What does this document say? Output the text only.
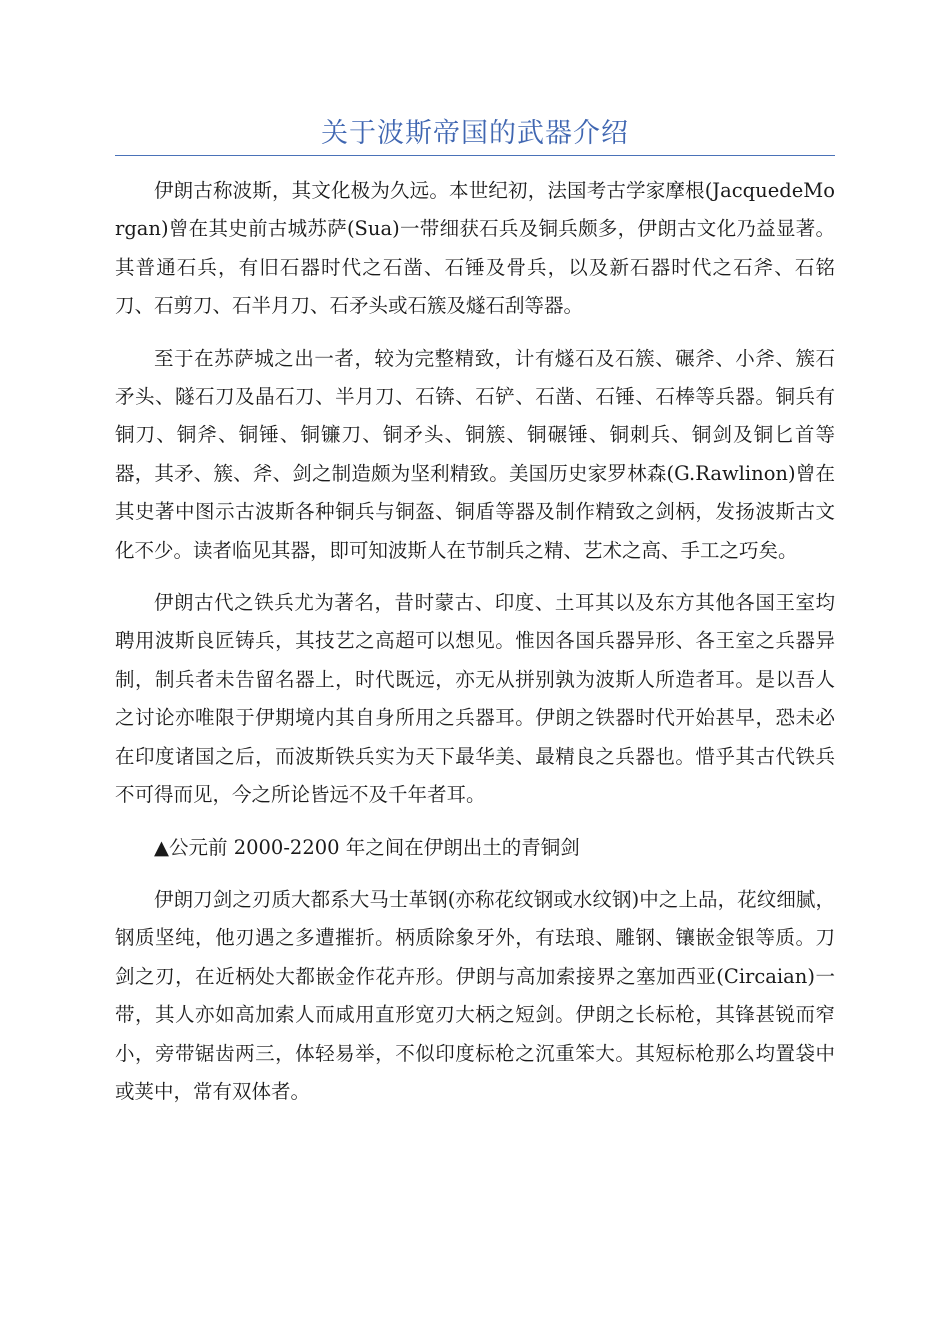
关于波斯帝国的武器介绍

伊朗古称波斯，其文化极为久远。本世纪初，法国考古学家摩根(JacquedeMorgan)曾在其史前古城苏萨(Sua)一带细获石兵及铜兵颇多，伊朗古文化乃益显著。其普通石兵，有旧石器时代之石凿、石锤及骨兵，以及新石器时代之石斧、石铭刀、石剪刀、石半月刀、石矛头或石簇及燧石刮等器。

至于在苏萨城之出一者，较为完整精致，计有燧石及石簇、碾斧、小斧、簇石矛头、隧石刀及晶石刀、半月刀、石锛、石铲、石凿、石锤、石棒等兵器。铜兵有铜刀、铜斧、铜锤、铜镰刀、铜矛头、铜簇、铜碾锤、铜刺兵、铜剑及铜匕首等器，其矛、簇、斧、剑之制造颇为坚利精致。美国历史家罗林森(G.Rawlinon)曾在其史著中图示古波斯各种铜兵与铜盔、铜盾等器及制作精致之剑柄，发扬波斯古文化不少。读者临见其器，即可知波斯人在节制兵之精、艺术之高、手工之巧矣。

伊朗古代之铁兵尤为著名，昔时蒙古、印度、土耳其以及东方其他各国王室均聘用波斯良匠铸兵，其技艺之高超可以想见。惟因各国兵器异形、各王室之兵器异制，制兵者未告留名器上，时代既远，亦无从拼别孰为波斯人所造者耳。是以吾人之讨论亦唯限于伊期境内其自身所用之兵器耳。伊朗之铁器时代开始甚早，恐未必在印度诸国之后，而波斯铁兵实为天下最华美、最精良之兵器也。惜乎其古代铁兵不可得而见，今之所论皆远不及千年者耳。

▲公元前 2000-2200 年之间在伊朗出土的青铜剑

伊朗刀剑之刃质大都系大马士革钢(亦称花纹钢或水纹钢)中之上品，花纹细腻，钢质坚纯，他刃遇之多遭摧折。柄质除象牙外，有珐琅、雕钢、镶嵌金银等质。刀剑之刃，在近柄处大都嵌金作花卉形。伊朗与高加索接界之塞加西亚(Circaian)一带，其人亦如高加索人而咸用直形宽刃大柄之短剑。伊朗之长标枪，其锋甚锐而窄小，旁带锯齿两三，体轻易举，不似印度标枪之沉重笨大。其短标枪那么均置袋中或荚中，常有双体者。
